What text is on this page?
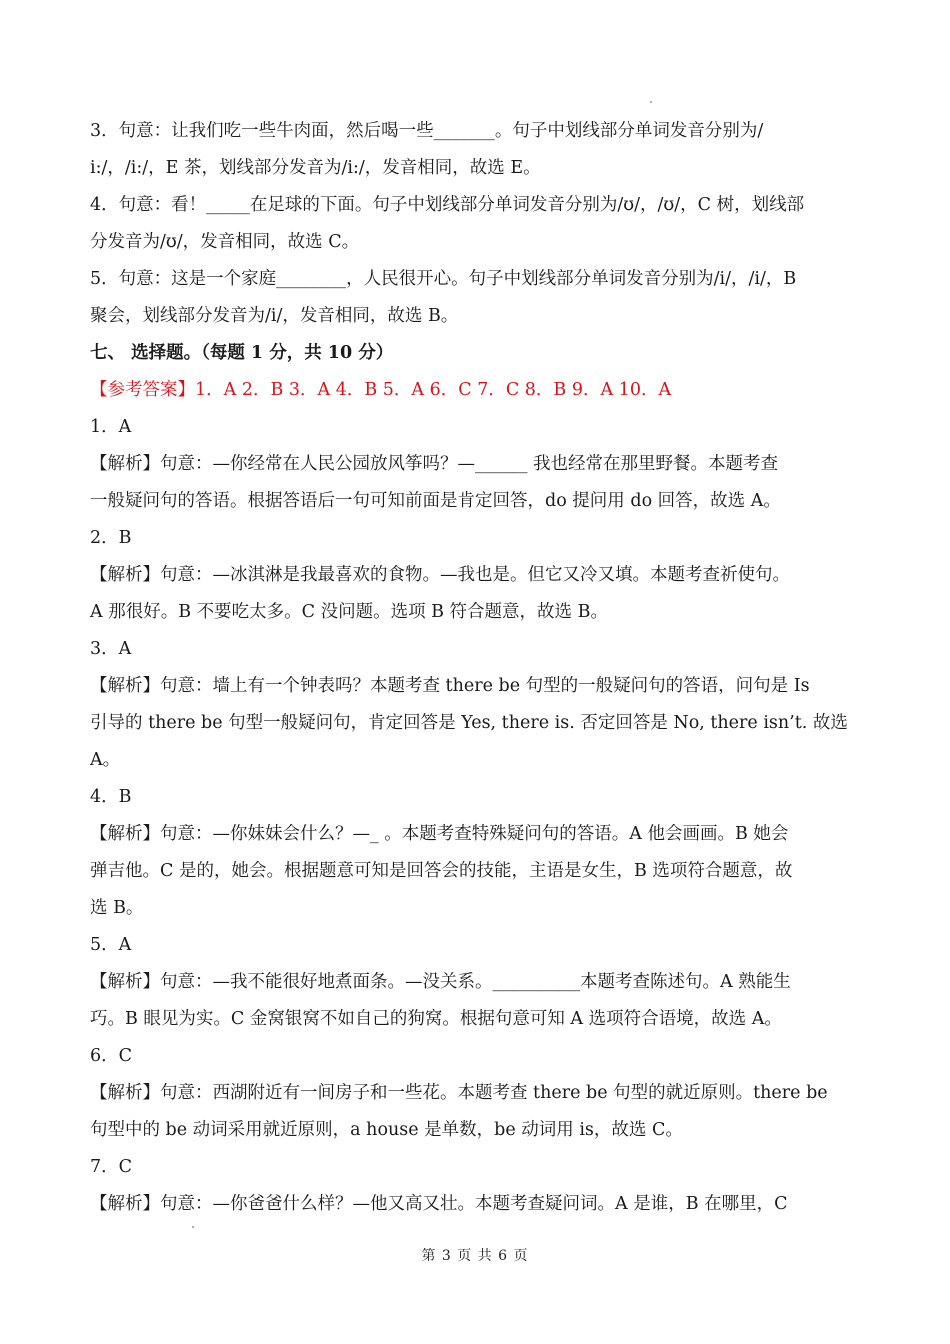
3．句意：让我们吃一些牛肉面，然后喝一些_______。句子中划线部分单词发音分别为/

i:/，/i:/，E 茶，划线部分发音为/i:/，发音相同，故选 E。

4．句意：看！_____在足球的下面。句子中划线部分单词发音分别为/ʊ/，/ʊ/，C 树，划线部

分发音为/ʊ/，发音相同，故选 C。

5．句意：这是一个家庭________，人民很开心。句子中划线部分单词发音分别为/i/，/i/，B

聚会，划线部分发音为/i/，发音相同，故选 B。

七、 选择题。（每题 1 分，共 10 分）

【参考答案】1．A 2．B 3．A 4．B 5．A 6．C 7．C 8．B 9．A 10．A

1．A

【解析】句意：—你经常在人民公园放风筝吗？—______ 我也经常在那里野餐。本题考查

一般疑问句的答语。根据答语后一句可知前面是肯定回答，do 提问用 do 回答，故选 A。

2．B

【解析】句意：—冰淇淋是我最喜欢的食物。—我也是。但它又冷又填。本题考查祈使句。

A 那很好。B 不要吃太多。C 没问题。选项 B 符合题意，故选 B。

3．A

【解析】句意：墙上有一个钟表吗？本题考查 there be 句型的一般疑问句的答语，问句是 Is

引导的 there be 句型一般疑问句，肯定回答是 Yes, there is. 否定回答是 No, there isn’t. 故选

A。

4．B

【解析】句意：—你妹妹会什么？—_ 。本题考查特殊疑问句的答语。A 他会画画。B 她会

弹吉他。C 是的，她会。根据题意可知是回答会的技能，主语是女生，B 选项符合题意，故

选 B。

5．A

【解析】句意：—我不能很好地煮面条。—没关系。__________本题考查陈述句。A 熟能生

巧。B 眼见为实。C 金窝银窝不如自己的狗窝。根据句意可知 A 选项符合语境，故选 A。

6．C

【解析】句意：西湖附近有一间房子和一些花。本题考查 there be 句型的就近原则。there be

句型中的 be 动词采用就近原则，a house 是单数，be 动词用 is，故选 C。

7．C

【解析】句意：—你爸爸什么样？—他又高又壮。本题考查疑问词。A 是谁，B 在哪里，C

第 3 页 共 6 页
